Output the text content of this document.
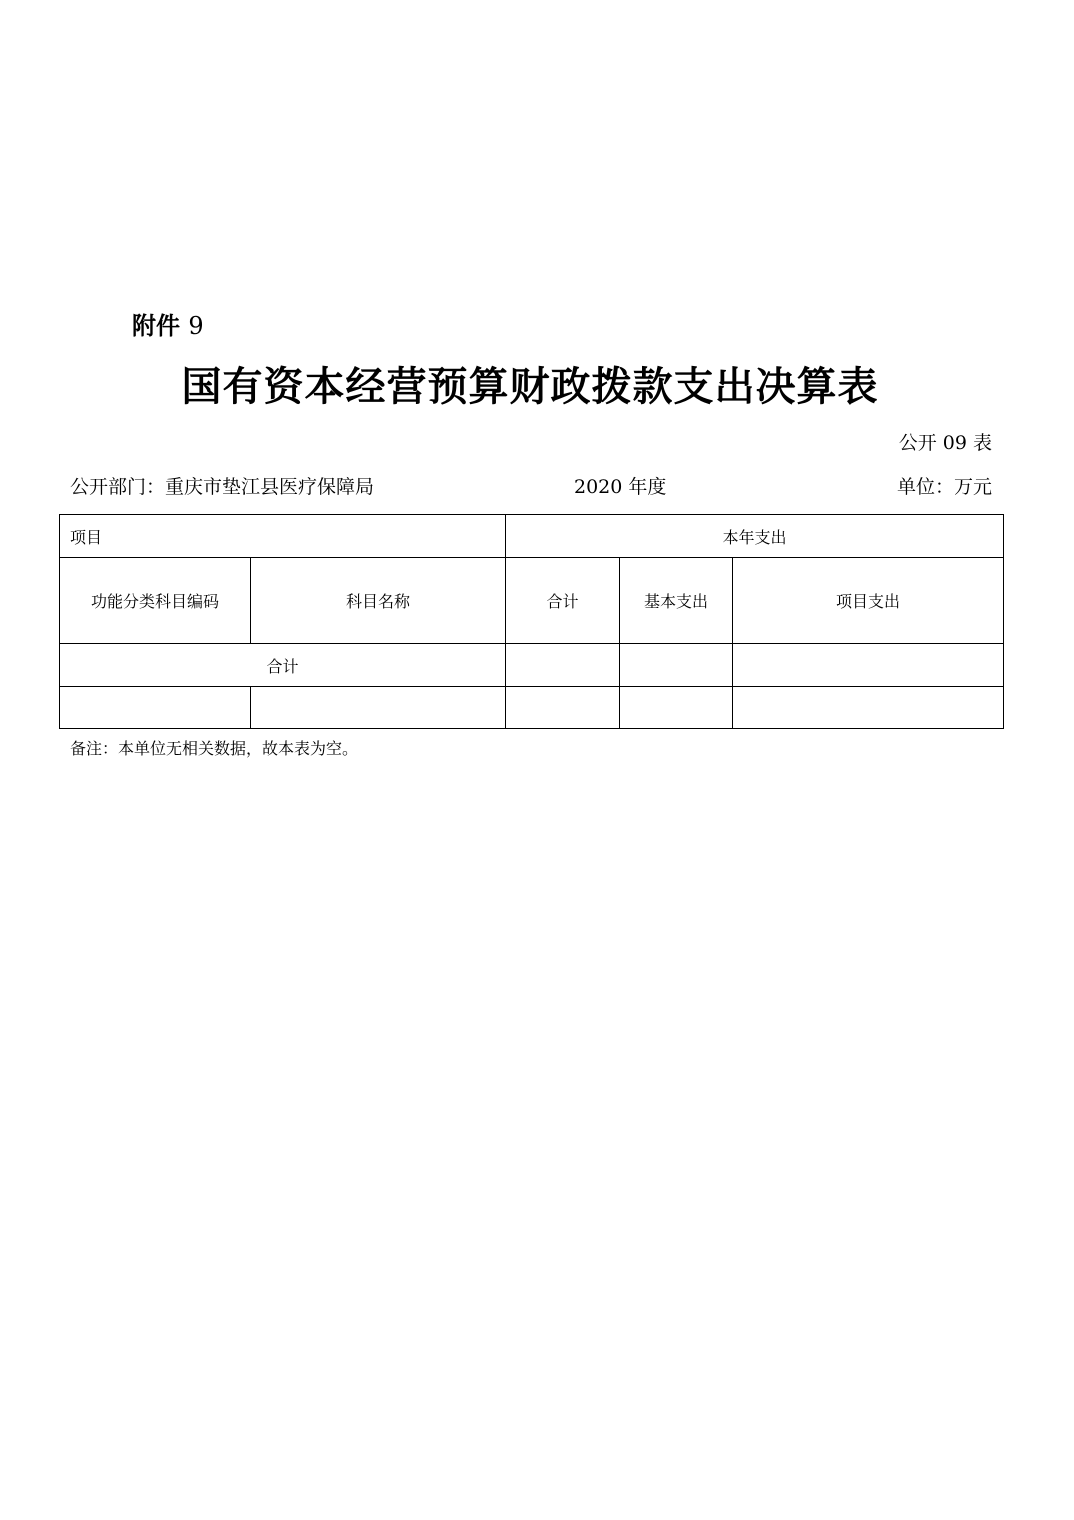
附件 9
国有资本经营预算财政拨款支出决算表
公开 09 表
公开部门：重庆市垫江县医疗保障局	2020 年度	单位：万元
项目		本年支出		
功能分类科目编码	科目名称	合计	基本支出	项目支出
合计				

备注：本单位无相关数据，故本表为空。
